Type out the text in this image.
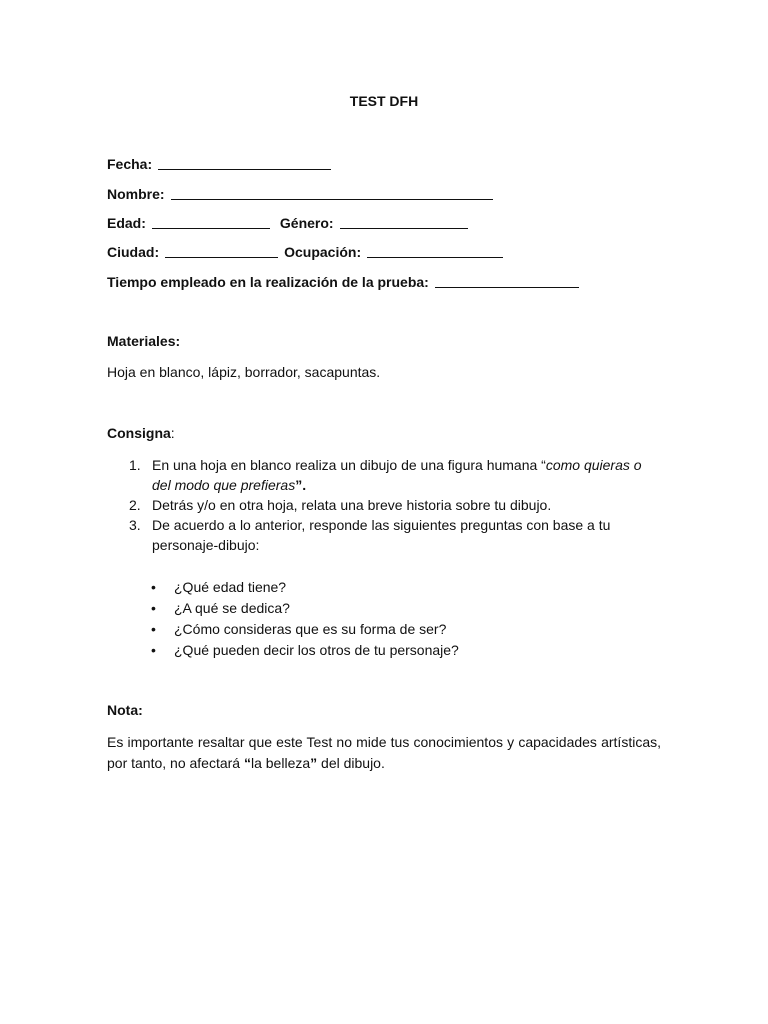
TEST DFH
Fecha:
Nombre:
Edad:	Género:
Ciudad:	Ocupación:
Tiempo empleado en la realización de la prueba:
Materiales:
Hoja en blanco, lápiz, borrador, sacapuntas.
Consigna:
1. En una hoja en blanco realiza un dibujo de una figura humana “como quieras o del modo que prefieras”.
2. Detrás y/o en otra hoja, relata una breve historia sobre tu dibujo.
3. De acuerdo a lo anterior, responde las siguientes preguntas con base a tu personaje-dibujo:
• ¿Qué edad tiene?
• ¿A qué se dedica?
• ¿Cómo consideras que es su forma de ser?
• ¿Qué pueden decir los otros de tu personaje?
Nota:
Es importante resaltar que este Test no mide tus conocimientos y capacidades artísticas, por tanto, no afectará “la belleza” del dibujo.
